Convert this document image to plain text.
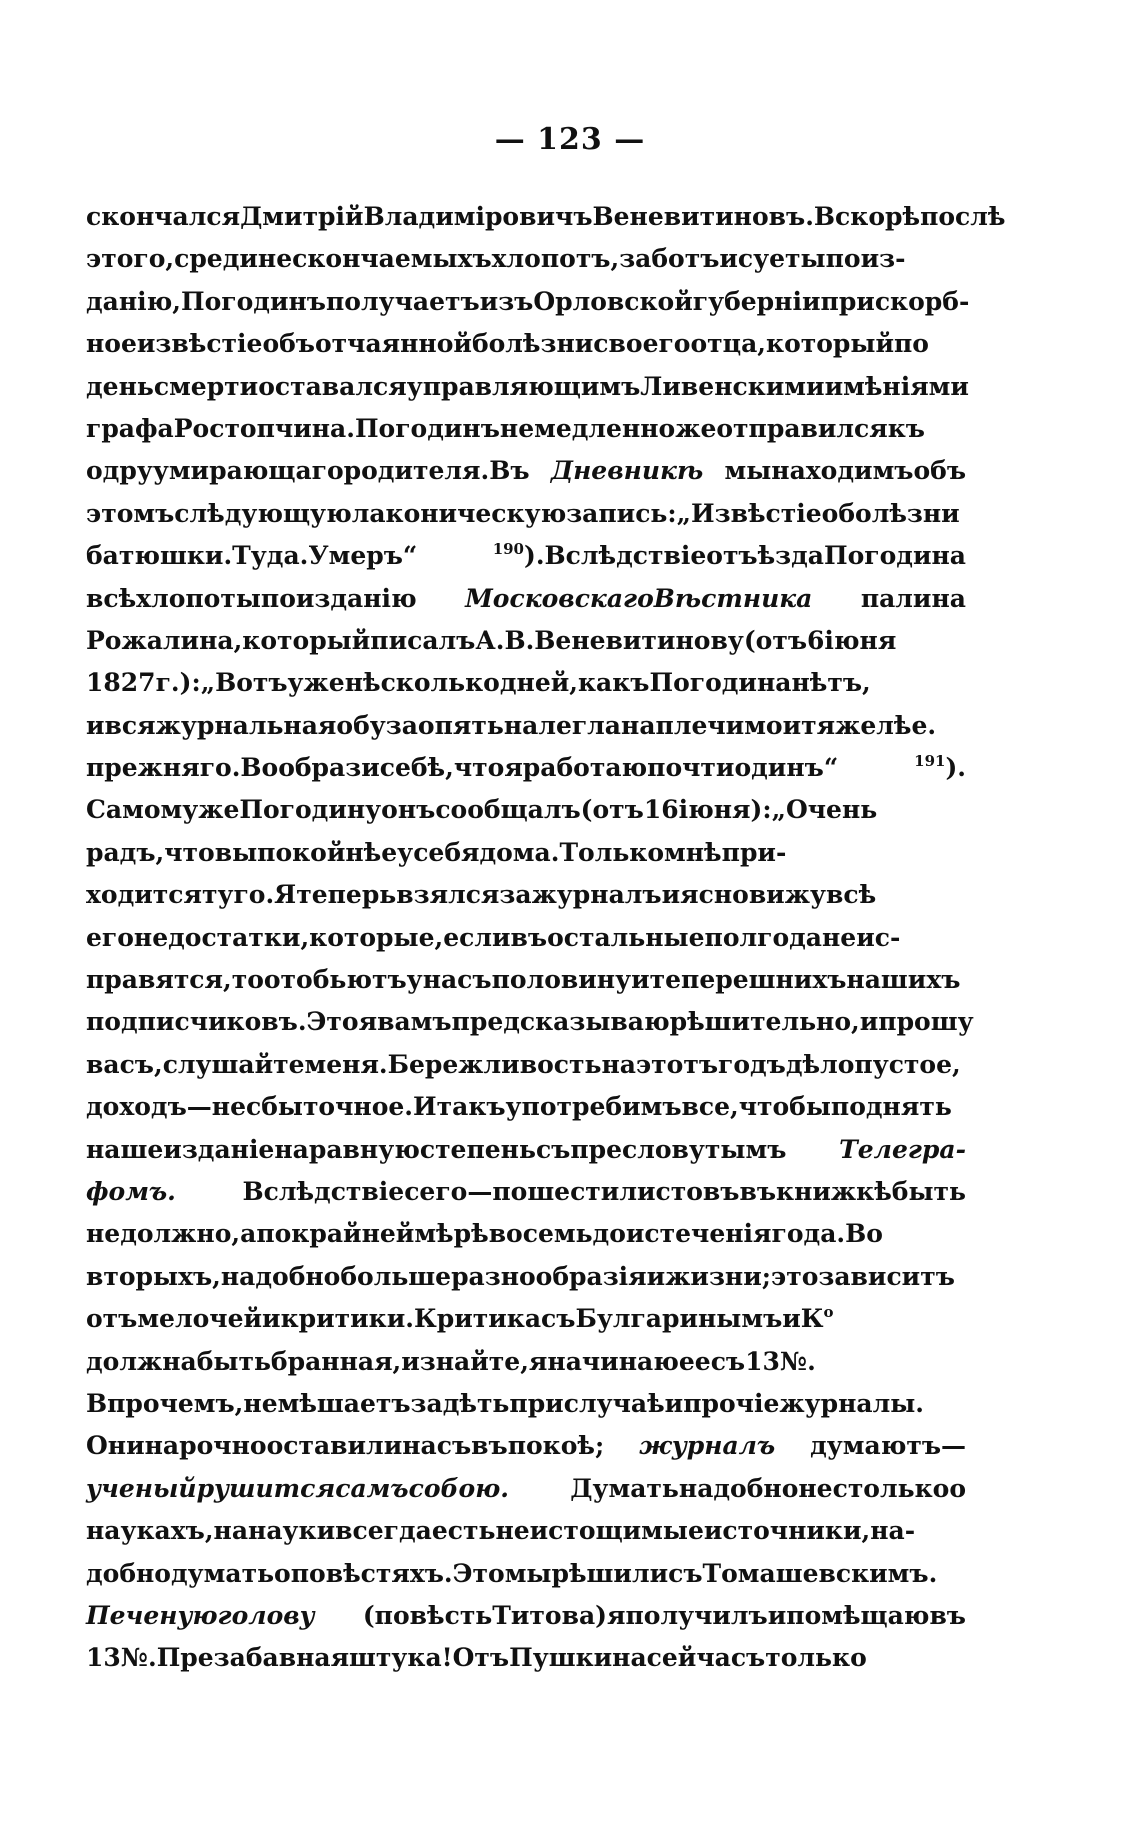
— 123 —
скончалсяДмитрійВладиміровичъВеневитиновъ.Вскорѣпослѣ
этого,срединескончаемыхъхлопотъ,заботъисуетыпоиз-
данію,ПогодинъполучаетъизъОрловскойгуберніиприскорб-
ноеизвѣстіеобъотчаяннойболѣзнисвоегоотца,которыйпо
деньсмертиоставалсяуправляющимъЛивенскимиимѣніями
графаРостопчина.Погодинънемедленножеотправилсякъ
одруумирающагородителя.Въ Дневникѣ мынаходимъобъ
этомъслѣдующуюлаконическуюзапись:„Извѣстіеоболѣзни
батюшки.Туда.Умеръ“	$^{190}$).ВслѣдствіеотъѣздаПогодина
всѣхлопотыпоизданію МосковскагоВѣстника палина
Рожалина,которыйписалъА.В.Веневитинову(отъ6іюня
1827г.):„Вотъуженѣсколькодней,какъПогодинанѣтъ,
ивсяжурнальнаяобузаопятьналегланаплечимоитяжелѣе.
прежняго.Вообразисебѣ,чтояработаюпочтиодинъ“	$^{191}$).
СамомужеПогодинуонъсообщалъ(отъ16іюня):„Очень
радъ,чтовыпокойнѣеусебядома.Толькомнѣпри-
ходитсятуго.Ятеперьвзялсязажурналъиясновижувсѣ
егонедостатки,которые,есливъостальныеполгоданеис-
правятся,тоотобьютъунасъполовинуитеперешнихънашихъ
подписчиковъ.Этоявамъпредсказываюрѣшительно,ипрошу
васъ,слушайтеменя.Бережливостьнаэтотъгодъдѣлопустое,
доходъ—несбыточное.Итакъупотребимъвсе,чтобыподнять
нашеизданіенаравнуюстепеньсъпресловутымъ Телегра-
фомъ.	Вслѣдствіесего—пошестилистовъвъкнижкѣбыть
недолжно,апокрайнеймѣрѣвосемьдоистеченіягода.Во
вторыхъ,надобнобольшеразнообразіяижизни;этозависитъ
отъмелочейикритики.КритикасъБулгаринымъиК$^о$
должнабытьбранная,изнайте,яначинаюеесъ13№.
Впрочемъ,немѣшаетъзадѣтьприслучаѣипрочіежурналы.
Онинарочнооставилинасъвъпокоѣ; журналъ думаютъ—
ученыйрушитсясамъсобою. Думатьнадобнонестолькоо
наукахъ,нанаукивсегдаестьнеистощимыеисточники,на-
добнодуматьоповѣстяхъ.ЭтомырѣшилисъТомашевскимъ.
Печенуюголову (повѣстьТитова)яполучилъипомѣщаювъ
13№.Презабавнаяштука!ОтъПушкинасейчасътолько
